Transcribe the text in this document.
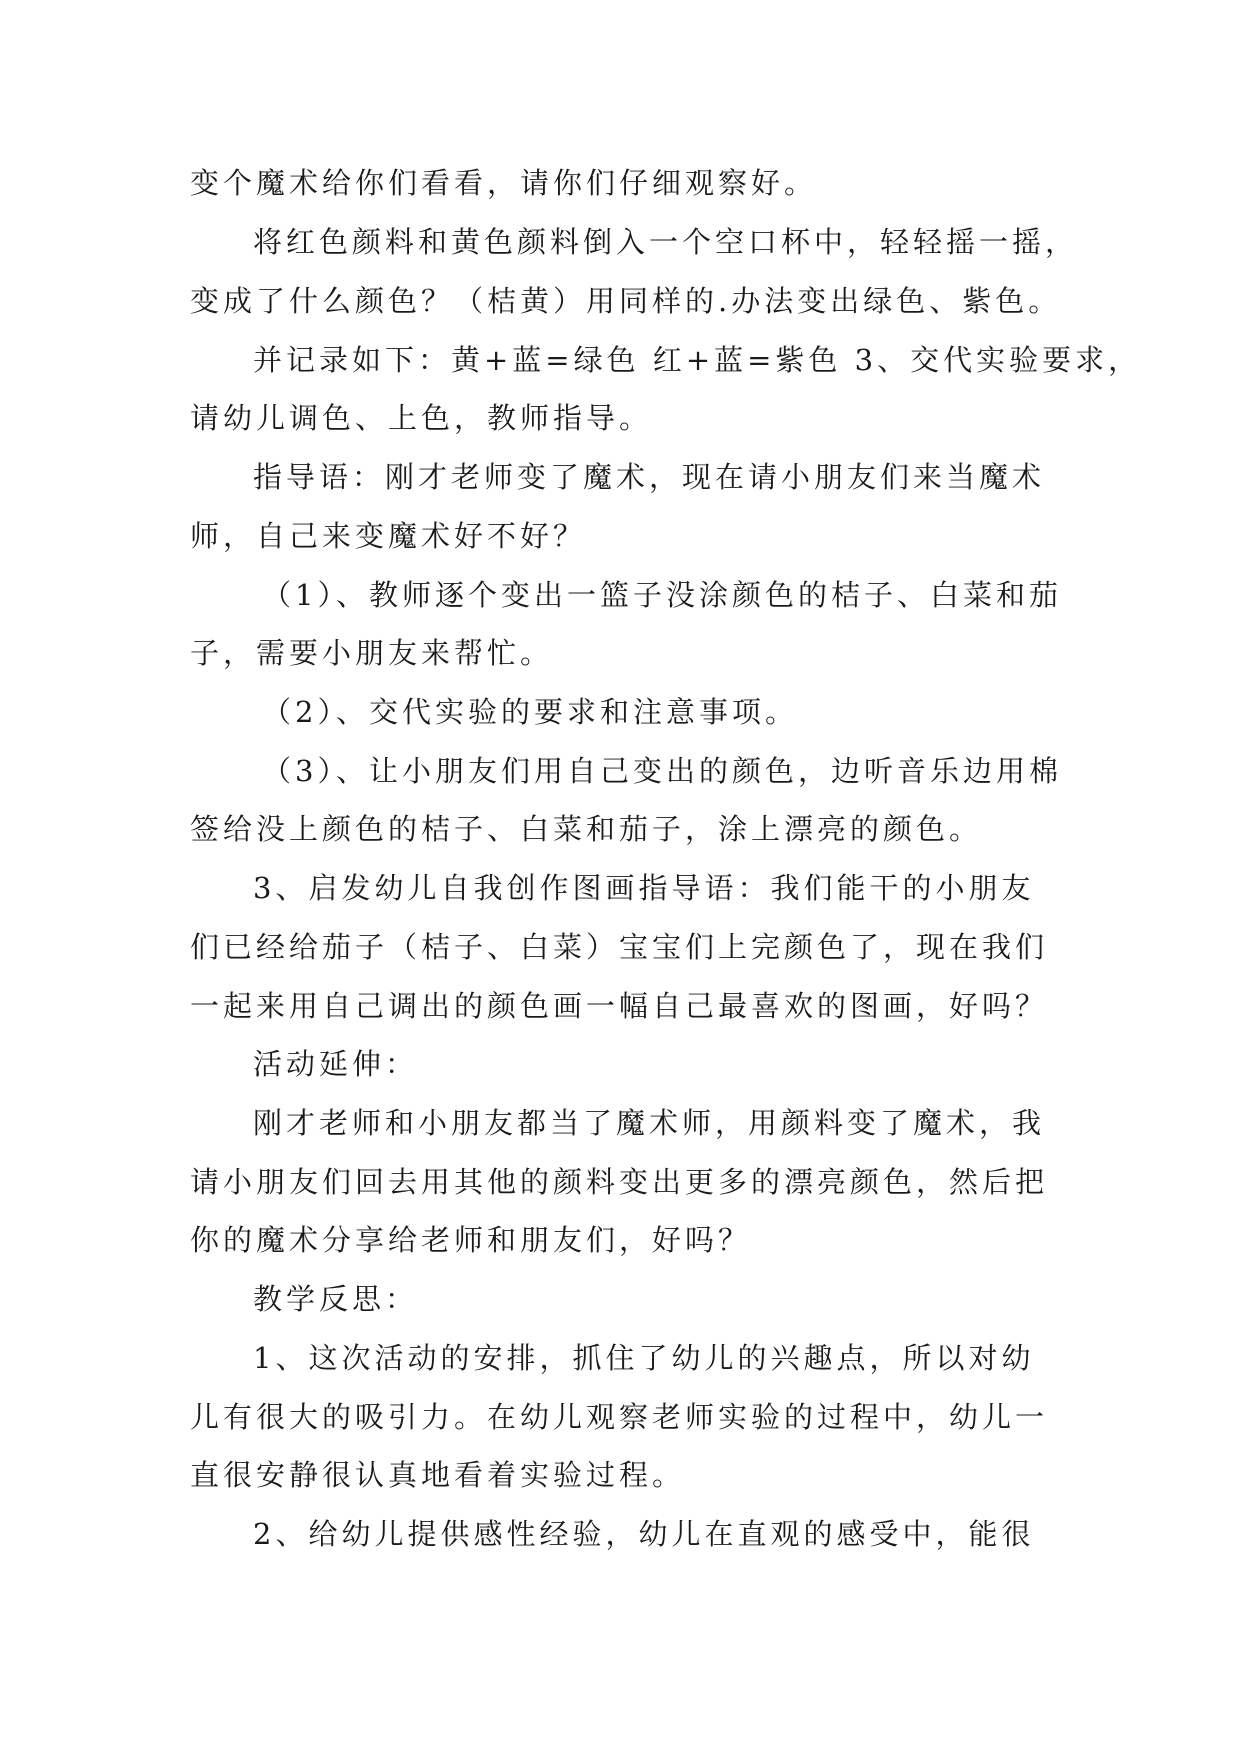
变个魔术给你们看看，请你们仔细观察好。
将红色颜料和黄色颜料倒入一个空口杯中，轻轻摇一摇，
变成了什么颜色？（桔黄）用同样的.办法变出绿色、紫色。
并记录如下：黄+蓝=绿色 红+蓝=紫色 3、交代实验要求，
请幼儿调色、上色，教师指导。
指导语：刚才老师变了魔术，现在请小朋友们来当魔术
师，自己来变魔术好不好？
（1）、教师逐个变出一篮子没涂颜色的桔子、白菜和茄
子，需要小朋友来帮忙。
（2）、交代实验的要求和注意事项。
（3）、让小朋友们用自己变出的颜色，边听音乐边用棉
签给没上颜色的桔子、白菜和茄子，涂上漂亮的颜色。
3、启发幼儿自我创作图画指导语：我们能干的小朋友
们已经给茄子（桔子、白菜）宝宝们上完颜色了，现在我们
一起来用自己调出的颜色画一幅自己最喜欢的图画，好吗？
活动延伸：
刚才老师和小朋友都当了魔术师，用颜料变了魔术，我
请小朋友们回去用其他的颜料变出更多的漂亮颜色，然后把
你的魔术分享给老师和朋友们，好吗？
教学反思：
1、这次活动的安排，抓住了幼儿的兴趣点，所以对幼
儿有很大的吸引力。在幼儿观察老师实验的过程中，幼儿一
直很安静很认真地看着实验过程。
2、给幼儿提供感性经验，幼儿在直观的感受中，能很
